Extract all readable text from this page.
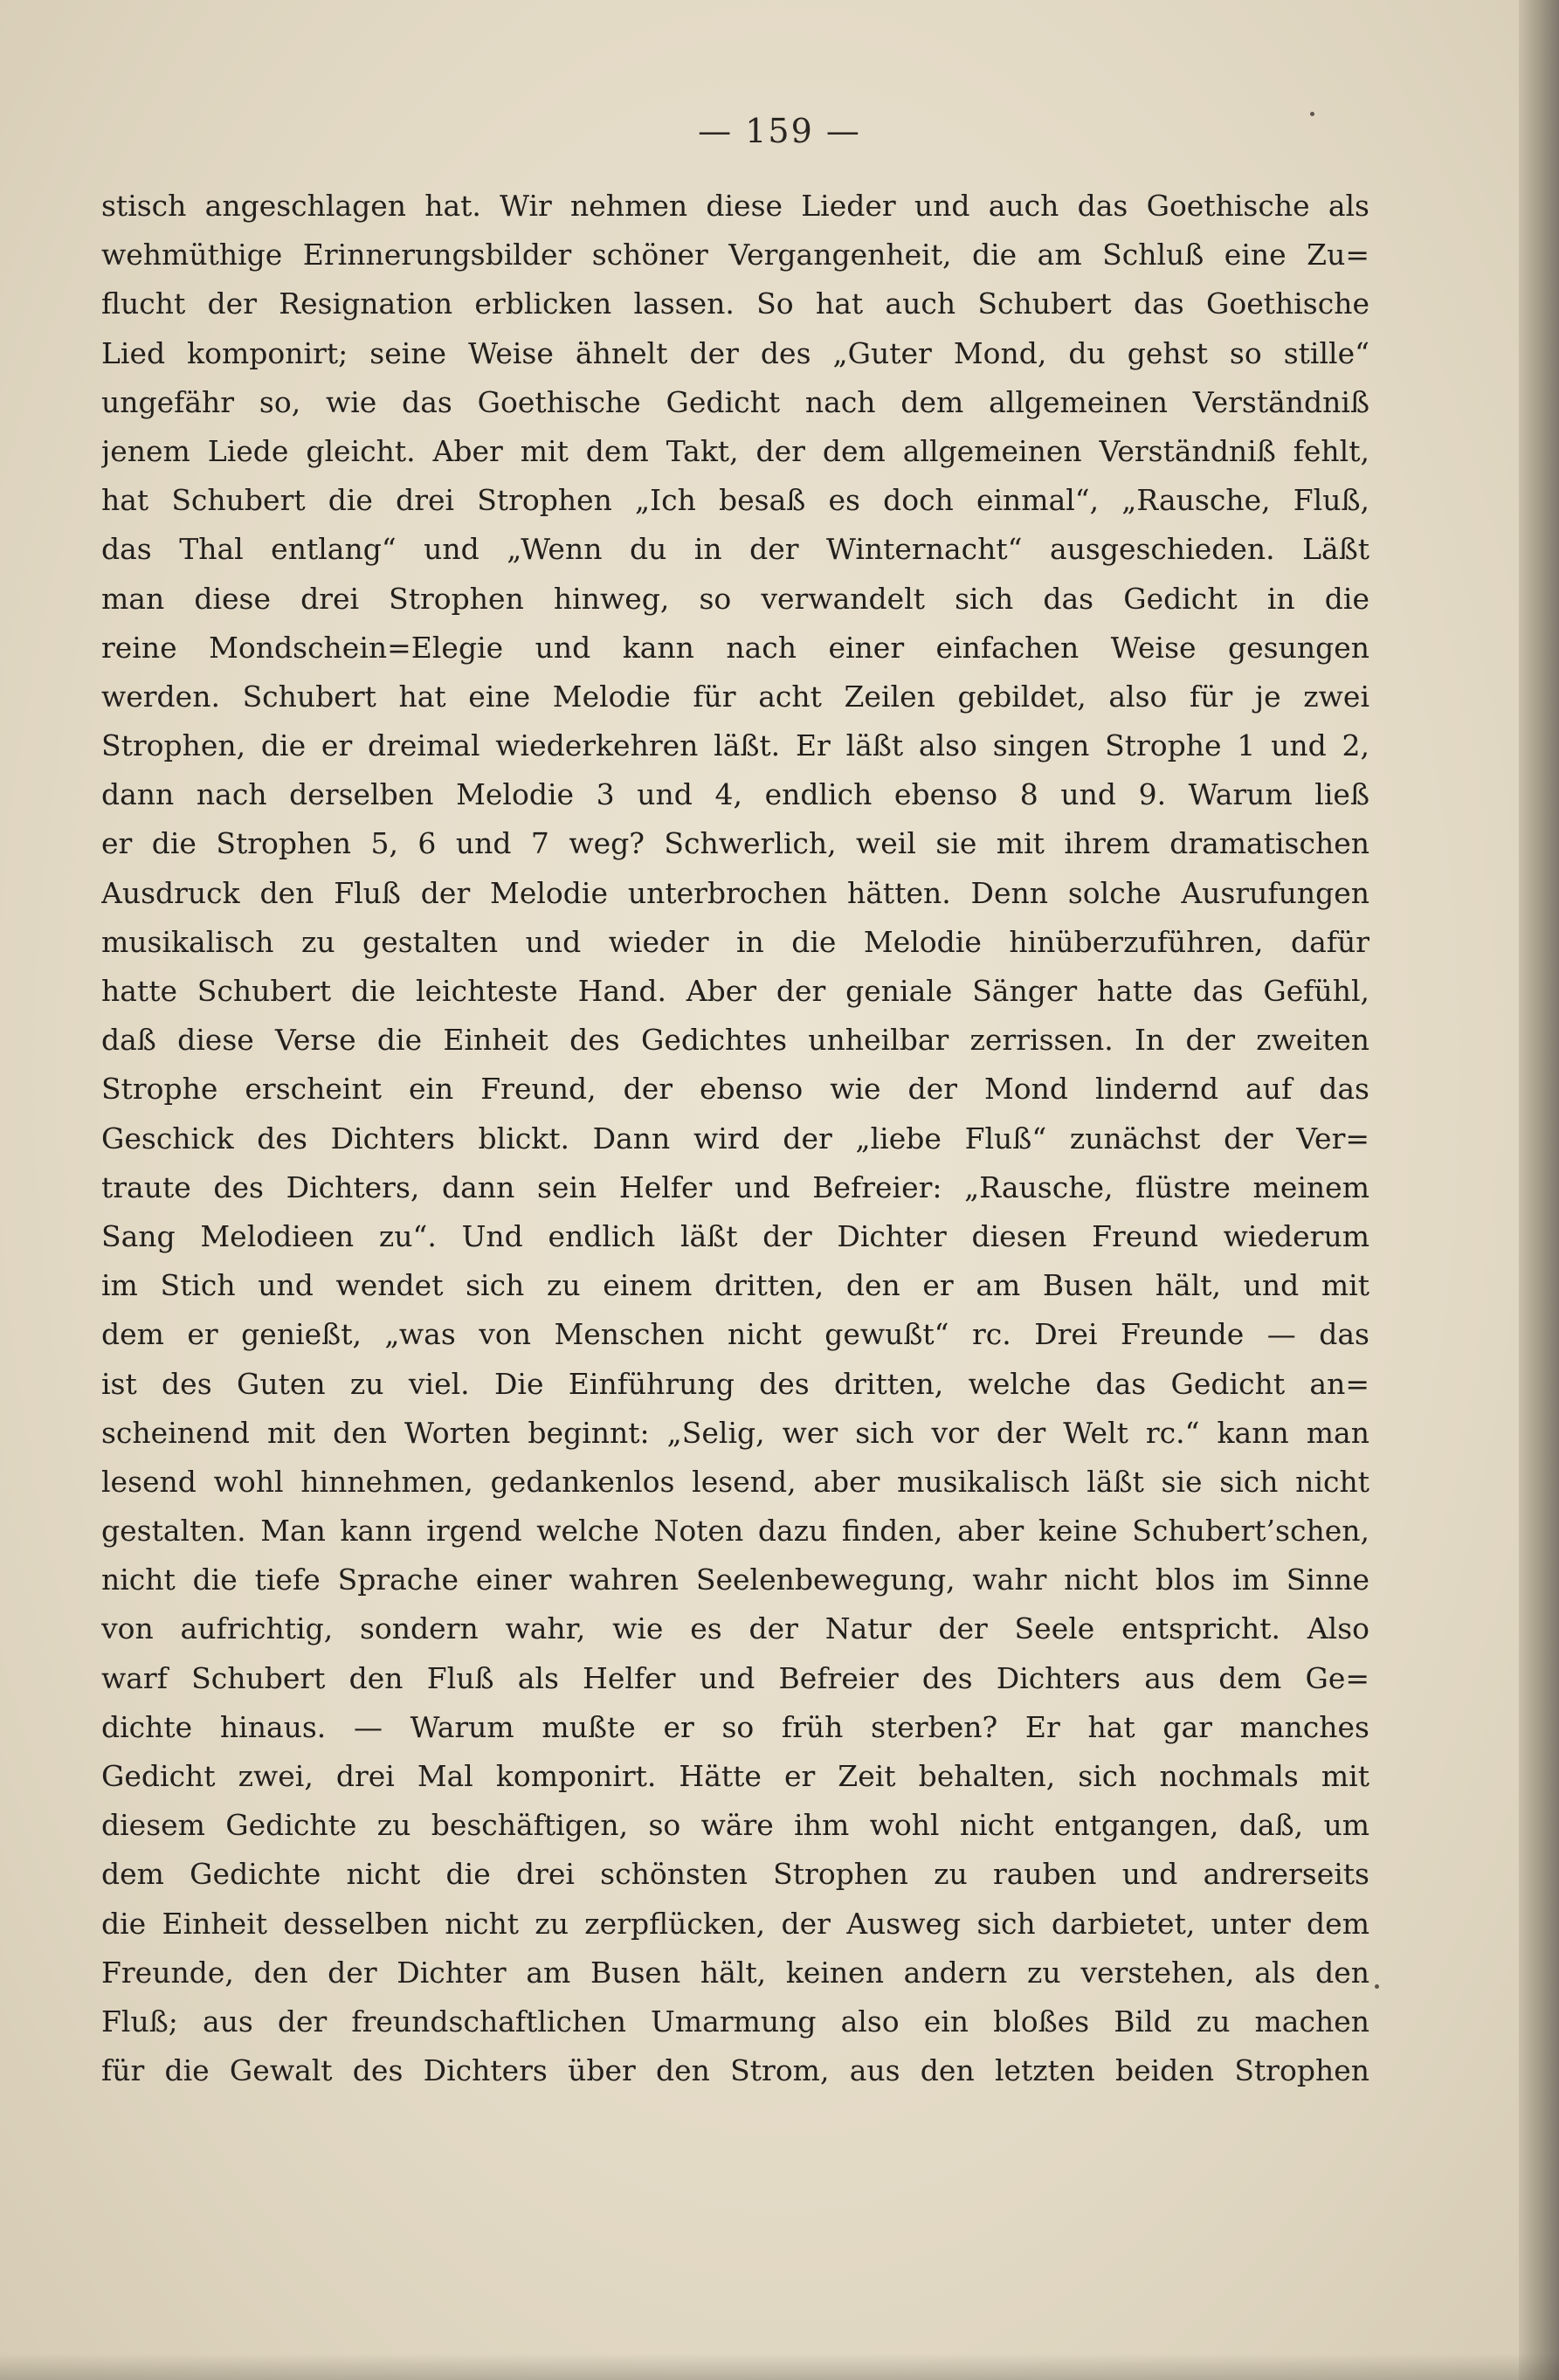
— 159 —
stisch angeschlagen hat. Wir nehmen diese Lieder und auch das Goethische als
wehmüthige Erinnerungsbilder schöner Vergangenheit, die am Schluß eine Zu=
flucht der Resignation erblicken lassen. So hat auch Schubert das Goethische
Lied komponirt; seine Weise ähnelt der des „Guter Mond, du gehst so stille“
ungefähr so, wie das Goethische Gedicht nach dem allgemeinen Verständniß
jenem Liede gleicht. Aber mit dem Takt, der dem allgemeinen Verständniß fehlt,
hat Schubert die drei Strophen „Ich besaß es doch einmal“, „Rausche, Fluß,
das Thal entlang“ und „Wenn du in der Winternacht“ ausgeschieden. Läßt
man diese drei Strophen hinweg, so verwandelt sich das Gedicht in die
reine Mondschein=Elegie und kann nach einer einfachen Weise gesungen
werden. Schubert hat eine Melodie für acht Zeilen gebildet, also für je zwei
Strophen, die er dreimal wiederkehren läßt. Er läßt also singen Strophe 1 und 2,
dann nach derselben Melodie 3 und 4, endlich ebenso 8 und 9. Warum ließ
er die Strophen 5, 6 und 7 weg? Schwerlich, weil sie mit ihrem dramatischen
Ausdruck den Fluß der Melodie unterbrochen hätten. Denn solche Ausrufungen
musikalisch zu gestalten und wieder in die Melodie hinüberzuführen, dafür
hatte Schubert die leichteste Hand. Aber der geniale Sänger hatte das Gefühl,
daß diese Verse die Einheit des Gedichtes unheilbar zerrissen. In der zweiten
Strophe erscheint ein Freund, der ebenso wie der Mond lindernd auf das
Geschick des Dichters blickt. Dann wird der „liebe Fluß“ zunächst der Ver=
traute des Dichters, dann sein Helfer und Befreier: „Rausche, flüstre meinem
Sang Melodieen zu“. Und endlich läßt der Dichter diesen Freund wiederum
im Stich und wendet sich zu einem dritten, den er am Busen hält, und mit
dem er genießt, „was von Menschen nicht gewußt“ rc. Drei Freunde — das
ist des Guten zu viel. Die Einführung des dritten, welche das Gedicht an=
scheinend mit den Worten beginnt: „Selig, wer sich vor der Welt rc.“ kann man
lesend wohl hinnehmen, gedankenlos lesend, aber musikalisch läßt sie sich nicht
gestalten. Man kann irgend welche Noten dazu finden, aber keine Schubert’schen,
nicht die tiefe Sprache einer wahren Seelenbewegung, wahr nicht blos im Sinne
von aufrichtig, sondern wahr, wie es der Natur der Seele entspricht. Also
warf Schubert den Fluß als Helfer und Befreier des Dichters aus dem Ge=
dichte hinaus. — Warum mußte er so früh sterben? Er hat gar manches
Gedicht zwei, drei Mal komponirt. Hätte er Zeit behalten, sich nochmals mit
diesem Gedichte zu beschäftigen, so wäre ihm wohl nicht entgangen, daß, um
dem Gedichte nicht die drei schönsten Strophen zu rauben und andrerseits
die Einheit desselben nicht zu zerpflücken, der Ausweg sich darbietet, unter dem
Freunde, den der Dichter am Busen hält, keinen andern zu verstehen, als den
Fluß; aus der freundschaftlichen Umarmung also ein bloßes Bild zu machen
für die Gewalt des Dichters über den Strom, aus den letzten beiden Strophen
